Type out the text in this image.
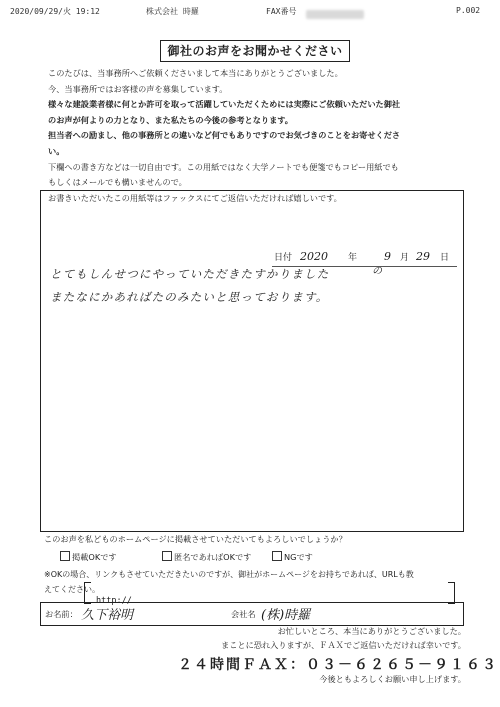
2020/09/29/火 19:12	株式会社 時羅	FAX番号	P.002
御社のお声をお聞かせください
このたびは、当事務所へご依頼くださいまして本当にありがとうございました。
今、当事務所ではお客様の声を募集しています。
様々な建設業者様に何とか許可を取って活躍していただくためには実際にご依頼いただいた御社
のお声が何よりの力となり、また私たちの今後の参考となります。
担当者への励まし、他の事務所との違いなど何でもありですのでお気づきのことをお寄せくださ
い。
下欄への書き方などは一切自由です。この用紙ではなく大学ノートでも便箋でもコピー用紙でも
もしくはメールでも構いませんので。
お書きいただいたこの用紙等はファックスにてご返信いただければ嬉しいです。
日付 2020 年 9 月 29 日
とてもしんせつにやっていただきたすかりました	の
またなにかあればたのみたいと思っております。
このお声を私どものホームページに掲載させていただいてもよろしいでしょうか？
掲載OKです	匿名であればOKです	NGです
※OKの場合、リンクもさせていただきたいのですが、御社がホームページをお持ちであれば、URLも教
えてください。
http://
お名前： 久下裕明	会社名 (株)時羅
お忙しいところ、本当にありがとうございました。
まことに恐れ入りますが、ＦＡＸでご返信いただければ幸いです。
２４時間ＦＡＸ：０３－６２６５－９１６３
今後ともよろしくお願い申し上げます。
